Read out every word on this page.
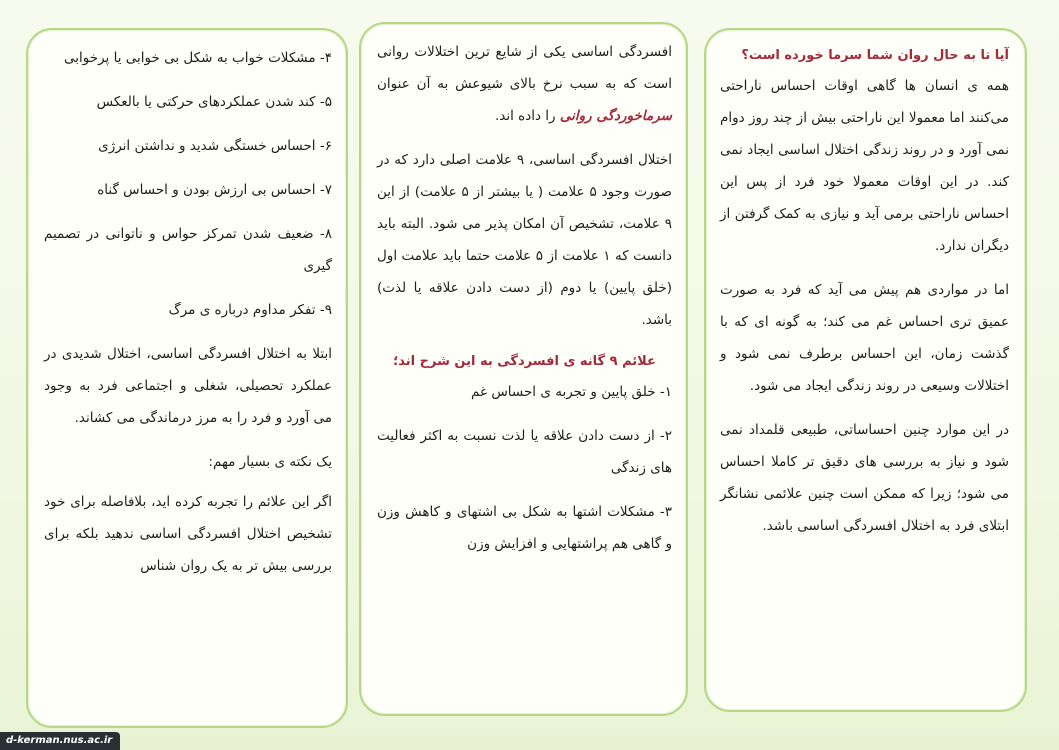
آیا تا به حال روان شما سرما خورده است؟

همه ی انسان ها گاهی اوقات احساس ناراحتی می‌کنند اما معمولا این ناراحتی بیش از چند روز دوام نمی آورد و در روند زندگی اختلال اساسی ایجاد نمی کند. در این اوقات معمولا خود فرد از پس این احساس ناراحتی برمی آید و نیازی به کمک گرفتن از دیگران ندارد.

اما در مواردی هم پیش می آید که فرد به صورت عمیق تری احساس غم می کند؛ به گونه ای که با گذشت زمان، این احساس برطرف نمی شود و اختلالات وسیعی در روند زندگی ایجاد می شود.

در این موارد چنین احساساتی، طبیعی قلمداد نمی شود و نیاز به بررسی های دقیق تر کاملا احساس می شود؛ زیرا که ممکن است چنین علائمی نشانگر ابتلای فرد به اختلال افسردگی اساسی باشد.

افسردگی اساسی یکی از شایع ترین اختلالات روانی است که به سبب نرخ بالای شیوعش به آن عنوان سرماخوردگی روانی را داده اند.

اختلال افسردگی اساسی، ۹ علامت اصلی دارد که در صورت وجود ۵ علامت ( یا بیشتر از ۵ علامت) از این ۹ علامت، تشخیص آن امکان پذیر می شود. البته باید دانست که ۱ علامت از ۵ علامت حتما باید علامت اول (خلق پایین) یا دوم (از دست دادن علاقه یا لذت) باشد.

علائم ۹ گانه ی افسردگی به این شرح اند؛

۱- خلق پایین و تجربه ی احساس غم

۲- از دست دادن علاقه یا لذت نسبت به اکثر فعالیت های زندگی

۳- مشکلات اشتها به شکل بی اشتهای و کاهش وزن و گاهی هم پراشتهایی و افزایش وزن

۴- مشکلات خواب به شکل بی خوابی یا پرخوابی

۵- کند شدن عملکردهای حرکتی یا بالعکس

۶- احساس خستگی شدید و نداشتن انرژی

۷- احساس بی ارزش بودن و احساس گناه

۸- ضعیف شدن تمرکز حواس و ناتوانی در تصمیم گیری

۹- تفکر مداوم درباره ی مرگ

ابتلا به اختلال افسردگی اساسی، اختلال شدیدی در عملکرد تحصیلی، شغلی و اجتماعی فرد به وجود می آورد و فرد را به مرز درماندگی می کشاند.

یک نکته ی بسیار مهم:

اگر این علائم را تجربه کرده اید، بلافاصله برای خود تشخیص اختلال افسردگی اساسی ندهید بلکه برای بررسی بیش تر به یک روان شناس

d-kerman.nus.ac.ir
